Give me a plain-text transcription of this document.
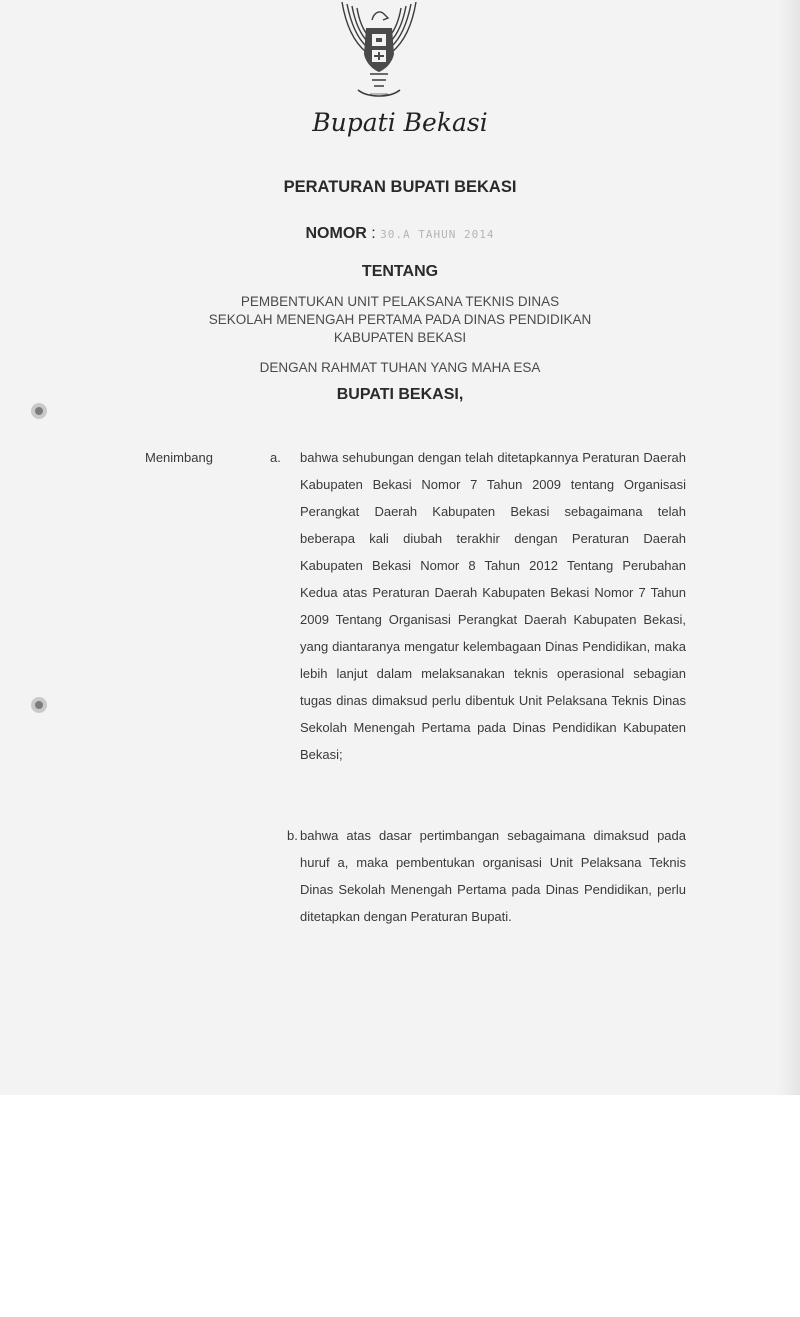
Bupati Bekasi
PERATURAN BUPATI BEKASI
NOMOR : 30.A TAHUN 2014
TENTANG
PEMBENTUKAN UNIT PELAKSANA TEKNIS DINAS
SEKOLAH MENENGAH PERTAMA PADA DINAS PENDIDIKAN
KABUPATEN BEKASI
DENGAN RAHMAT TUHAN YANG MAHA ESA
BUPATI BEKASI,
Menimbang	a. bahwa sehubungan dengan telah ditetapkannya Peraturan Daerah Kabupaten Bekasi Nomor 7 Tahun 2009 tentang Organisasi Perangkat Daerah Kabupaten Bekasi sebagaimana telah beberapa kali diubah terakhir dengan Peraturan Daerah Kabupaten Bekasi Nomor 8 Tahun 2012 Tentang Perubahan Kedua atas Peraturan Daerah Kabupaten Bekasi Nomor 7 Tahun 2009 Tentang Organisasi Perangkat Daerah Kabupaten Bekasi, yang diantaranya mengatur kelembagaan Dinas Pendidikan, maka lebih lanjut dalam melaksanakan teknis operasional sebagian tugas dinas dimaksud perlu dibentuk Unit Pelaksana Teknis Dinas Sekolah Menengah Pertama pada Dinas Pendidikan Kabupaten Bekasi;
b. bahwa atas dasar pertimbangan sebagaimana dimaksud pada huruf a, maka pembentukan organisasi Unit Pelaksana Teknis Dinas Sekolah Menengah Pertama pada Dinas Pendidikan, perlu ditetapkan dengan Peraturan Bupati.
